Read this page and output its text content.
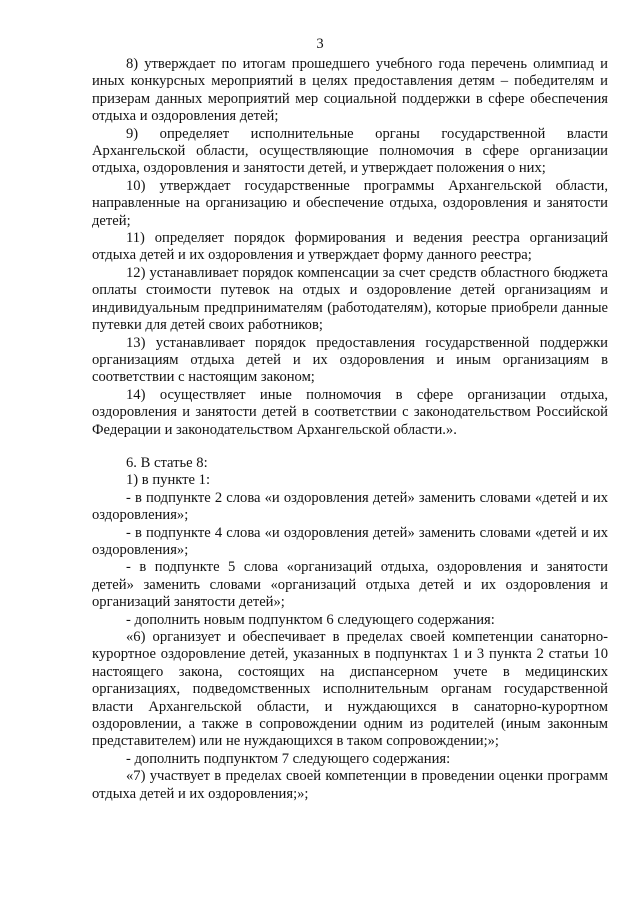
3

8) утверждает по итогам прошедшего учебного года перечень олимпиад и иных конкурсных мероприятий в целях предоставления детям – победителям и призерам данных мероприятий мер социальной поддержки в сфере обеспечения отдыха и оздоровления детей;

9) определяет исполнительные органы государственной власти Архангельской области, осуществляющие полномочия в сфере организации отдыха, оздоровления и занятости детей, и утверждает положения о них;

10) утверждает государственные программы Архангельской области, направленные на организацию и обеспечение отдыха, оздоровления и занятости детей;

11) определяет порядок формирования и ведения реестра организаций отдыха детей и их оздоровления и утверждает форму данного реестра;

12) устанавливает порядок компенсации за счет средств областного бюджета оплаты стоимости путевок на отдых и оздоровление детей организациям и индивидуальным предпринимателям (работодателям), которые приобрели данные путевки для детей своих работников;

13) устанавливает порядок предоставления государственной поддержки организациям отдыха детей и их оздоровления и иным организациям в соответствии с настоящим законом;

14) осуществляет иные полномочия в сфере организации отдыха, оздоровления и занятости детей в соответствии с законодательством Российской Федерации и законодательством Архангельской области.».

6. В статье 8:

1) в пункте 1:

- в подпункте 2 слова «и оздоровления детей» заменить словами «детей и их оздоровления»;

- в подпункте 4 слова «и оздоровления детей» заменить словами «детей и их оздоровления»;

- в подпункте 5 слова «организаций отдыха, оздоровления и занятости детей» заменить словами «организаций отдыха детей и их оздоровления и организаций занятости детей»;

- дополнить новым подпунктом 6 следующего содержания:

«6) организует и обеспечивает в пределах своей компетенции санаторно-курортное оздоровление детей, указанных в подпунктах 1 и 3 пункта 2 статьи 10 настоящего закона, состоящих на диспансерном учете в медицинских организациях, подведомственных исполнительным органам государственной власти Архангельской области, и нуждающихся в санаторно-курортном оздоровлении, а также в сопровождении одним из родителей (иным законным представителем) или не нуждающихся в таком сопровождении;»;

- дополнить подпунктом 7 следующего содержания:

«7) участвует в пределах своей компетенции в проведении оценки программ отдыха детей и их оздоровления;»;
